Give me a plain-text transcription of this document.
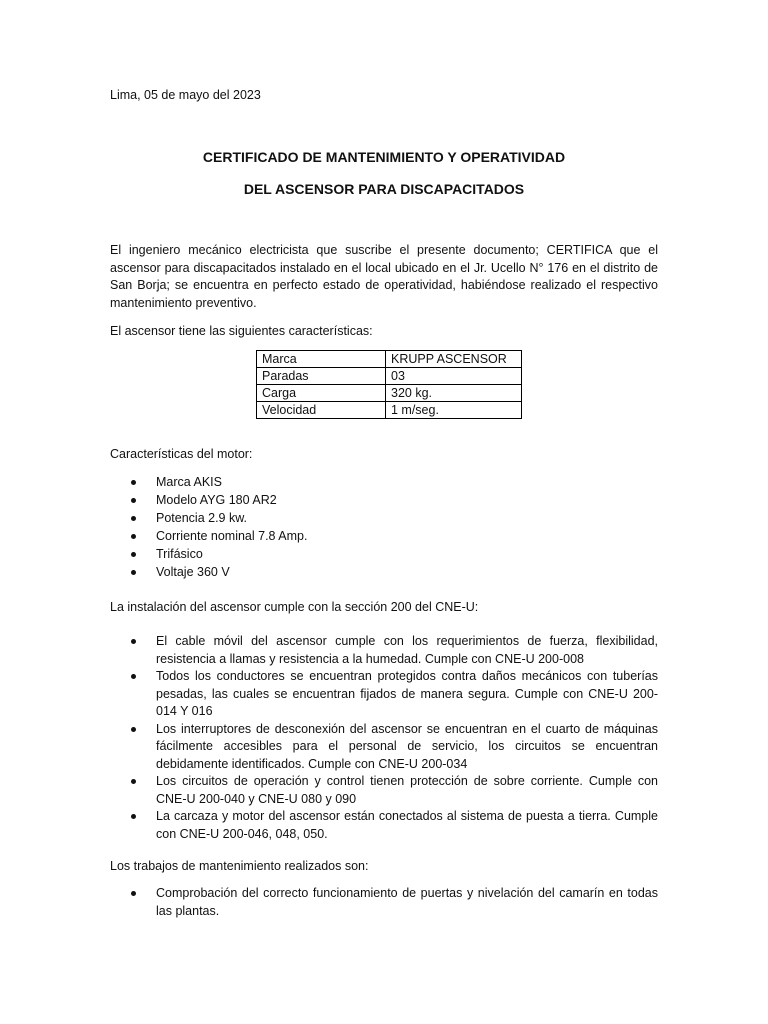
Lima, 05 de mayo del 2023
CERTIFICADO DE MANTENIMIENTO Y OPERATIVIDAD
DEL ASCENSOR PARA DISCAPACITADOS
El ingeniero mecánico electricista que suscribe el presente documento; CERTIFICA que el ascensor para discapacitados instalado en el local ubicado en el Jr. Ucello N° 176 en el distrito de San Borja; se encuentra en perfecto estado de operatividad, habiéndose realizado el respectivo mantenimiento preventivo.
El ascensor tiene las siguientes características:
Marca	KRUPP ASCENSOR
Paradas	03
Carga	320 kg.
Velocidad	1 m/seg.
Características del motor:
Marca AKIS
Modelo AYG 180 AR2
Potencia 2.9 kw.
Corriente nominal 7.8 Amp.
Trifásico
Voltaje 360 V
La instalación del ascensor cumple con la sección 200 del CNE-U:
El cable móvil del ascensor cumple con los requerimientos de fuerza, flexibilidad, resistencia a llamas y resistencia a la humedad. Cumple con CNE-U 200-008
Todos los conductores se encuentran protegidos contra daños mecánicos con tuberías pesadas, las cuales se encuentran fijados de manera segura. Cumple con CNE-U 200-014 Y 016
Los interruptores de desconexión del ascensor se encuentran en el cuarto de máquinas fácilmente accesibles para el personal de servicio, los circuitos se encuentran debidamente identificados. Cumple con CNE-U 200-034
Los circuitos de operación y control tienen protección de sobre corriente. Cumple con CNE-U 200-040 y CNE-U 080 y 090
La carcaza y motor del ascensor están conectados al sistema de puesta a tierra. Cumple con CNE-U 200-046, 048, 050.
Los trabajos de mantenimiento realizados son:
Comprobación del correcto funcionamiento de puertas y nivelación del camarín en todas las plantas.
